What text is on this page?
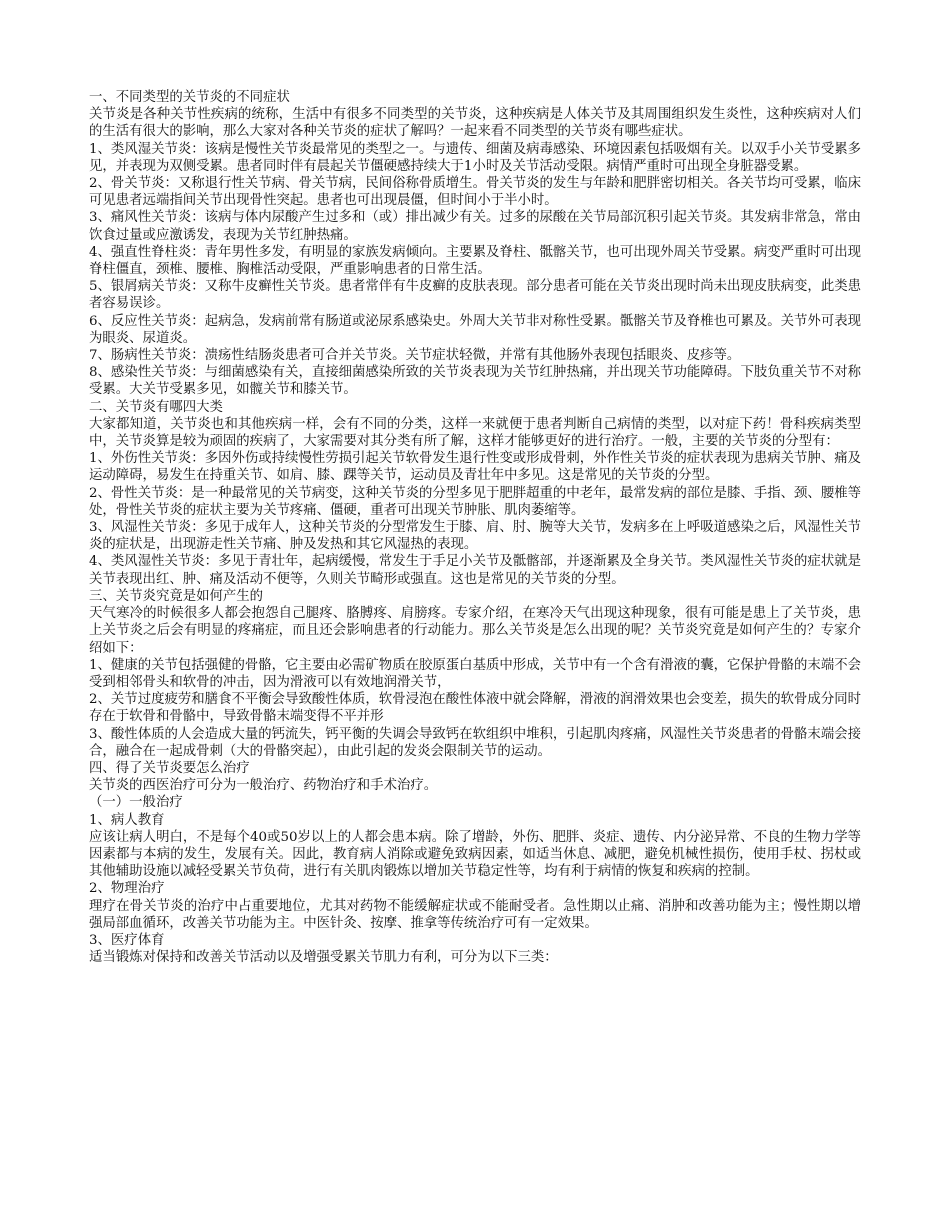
一、不同类型的关节炎的不同症状

关节炎是各种关节性疾病的统称，生活中有很多不同类型的关节炎，这种疾病是人体关节及其周围组织发生炎性，这种疾病对人们的生活有很大的影响，那么大家对各种关节炎的症状了解吗？一起来看不同类型的关节炎有哪些症状。

1、类风湿关节炎：该病是慢性关节炎最常见的类型之一。与遗传、细菌及病毒感染、环境因素包括吸烟有关。以双手小关节受累多见，并表现为双侧受累。患者同时伴有晨起关节僵硬感持续大于1小时及关节活动受限。病情严重时可出现全身脏器受累。

2、骨关节炎：又称退行性关节病、骨关节病，民间俗称骨质增生。骨关节炎的发生与年龄和肥胖密切相关。各关节均可受累，临床可见患者远端指间关节出现骨性突起。患者也可出现晨僵，但时间小于半小时。

3、痛风性关节炎：该病与体内尿酸产生过多和（或）排出减少有关。过多的尿酸在关节局部沉积引起关节炎。其发病非常急，常由饮食过量或应激诱发，表现为关节红肿热痛。

4、强直性脊柱炎：青年男性多发，有明显的家族发病倾向。主要累及脊柱、骶髂关节，也可出现外周关节受累。病变严重时可出现脊柱僵直，颈椎、腰椎、胸椎活动受限，严重影响患者的日常生活。

5、银屑病关节炎：又称牛皮癣性关节炎。患者常伴有牛皮癣的皮肤表现。部分患者可能在关节炎出现时尚未出现皮肤病变，此类患者容易误诊。

6、反应性关节炎：起病急，发病前常有肠道或泌尿系感染史。外周大关节非对称性受累。骶髂关节及脊椎也可累及。关节外可表现为眼炎、尿道炎。

7、肠病性关节炎：溃疡性结肠炎患者可合并关节炎。关节症状轻微，并常有其他肠外表现包括眼炎、皮疹等。

8、感染性关节炎：与细菌感染有关，直接细菌感染所致的关节炎表现为关节红肿热痛，并出现关节功能障碍。下肢负重关节不对称受累。大关节受累多见，如髋关节和膝关节。

二、关节炎有哪四大类

大家都知道，关节炎也和其他疾病一样，会有不同的分类，这样一来就便于患者判断自己病情的类型，以对症下药！骨科疾病类型中，关节炎算是较为顽固的疾病了，大家需要对其分类有所了解，这样才能够更好的进行治疗。一般，主要的关节炎的分型有：

1、外伤性关节炎：多因外伤或持续慢性劳损引起关节软骨发生退行性变或形成骨刺，外作性关节炎的症状表现为患病关节肿、痛及运动障碍，易发生在持重关节、如肩、膝、踝等关节，运动员及青壮年中多见。这是常见的关节炎的分型。

2、骨性关节炎：是一种最常见的关节病变，这种关节炎的分型多见于肥胖超重的中老年，最常发病的部位是膝、手指、颈、腰椎等处，骨性关节炎的症状主要为关节疼痛、僵硬，重者可出现关节肿胀、肌肉萎缩等。

3、风湿性关节炎：多见于成年人，这种关节炎的分型常发生于膝、肩、肘、腕等大关节，发病多在上呼吸道感染之后，风湿性关节炎的症状是，出现游走性关节痛、肿及发热和其它风湿热的表现。

4、类风湿性关节炎：多见于青壮年，起病缓慢，常发生于手足小关节及骶髂部，并逐渐累及全身关节。类风湿性关节炎的症状就是关节表现出红、肿、痛及活动不便等，久则关节畸形或强直。这也是常见的关节炎的分型。

三、关节炎究竟是如何产生的

天气寒冷的时候很多人都会抱怨自己腿疼、胳膊疼、肩膀疼。专家介绍，在寒冷天气出现这种现象，很有可能是患上了关节炎，患上关节炎之后会有明显的疼痛症，而且还会影响患者的行动能力。那么关节炎是怎么出现的呢？关节炎究竟是如何产生的？专家介绍如下：

1、健康的关节包括强健的骨骼，它主要由必需矿物质在胶原蛋白基质中形成，关节中有一个含有滑液的囊，它保护骨骼的末端不会受到相邻骨头和软骨的冲击，因为滑液可以有效地润滑关节，

2、关节过度疲劳和膳食不平衡会导致酸性体质，软骨浸泡在酸性体液中就会降解，滑液的润滑效果也会变差，损失的软骨成分同时存在于软骨和骨骼中，导致骨骼末端变得不平并形

3、酸性体质的人会造成大量的钙流失，钙平衡的失调会导致钙在软组织中堆积，引起肌肉疼痛，风湿性关节炎患者的骨骼末端会接合，融合在一起成骨刺（大的骨骼突起），由此引起的发炎会限制关节的运动。

四、得了关节炎要怎么治疗

关节炎的西医治疗可分为一般治疗、药物治疗和手术治疗。

（一）一般治疗

1、病人教育

应该让病人明白，不是每个40或50岁以上的人都会患本病。除了增龄，外伤、肥胖、炎症、遗传、内分泌异常、不良的生物力学等因素都与本病的发生，发展有关。因此，教育病人消除或避免致病因素，如适当休息、减肥，避免机械性损伤，使用手杖、拐杖或其他辅助设施以减轻受累关节负荷，进行有关肌肉锻炼以增加关节稳定性等，均有利于病情的恢复和疾病的控制。

2、物理治疗

理疗在骨关节炎的治疗中占重要地位，尤其对药物不能缓解症状或不能耐受者。急性期以止痛、消肿和改善功能为主；慢性期以增强局部血循环，改善关节功能为主。中医针灸、按摩、推拿等传统治疗可有一定效果。

3、医疗体育

适当锻炼对保持和改善关节活动以及增强受累关节肌力有利，可分为以下三类：
